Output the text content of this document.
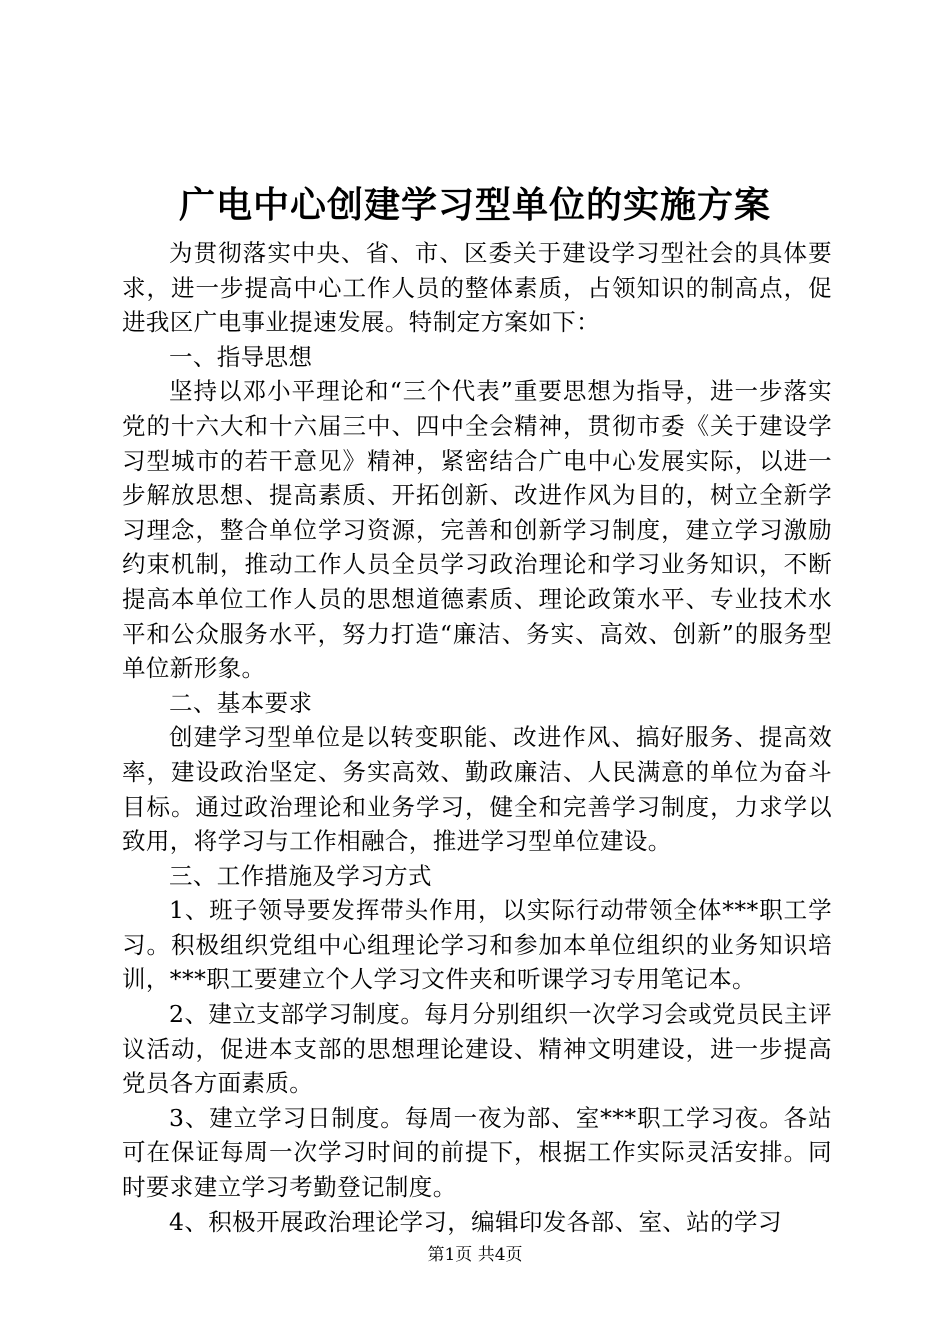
广电中心创建学习型单位的实施方案

为贯彻落实中央、省、市、区委关于建设学习型社会的具体要求，进一步提高中心工作人员的整体素质，占领知识的制高点，促进我区广电事业提速发展。特制定方案如下：

一、指导思想

坚持以邓小平理论和“三个代表”重要思想为指导，进一步落实党的十六大和十六届三中、四中全会精神，贯彻市委《关于建设学习型城市的若干意见》精神，紧密结合广电中心发展实际，以进一步解放思想、提高素质、开拓创新、改进作风为目的，树立全新学习理念，整合单位学习资源，完善和创新学习制度，建立学习激励约束机制，推动工作人员全员学习政治理论和学习业务知识，不断提高本单位工作人员的思想道德素质、理论政策水平、专业技术水平和公众服务水平，努力打造“廉洁、务实、高效、创新”的服务型单位新形象。

二、基本要求

创建学习型单位是以转变职能、改进作风、搞好服务、提高效率，建设政治坚定、务实高效、勤政廉洁、人民满意的单位为奋斗目标。通过政治理论和业务学习，健全和完善学习制度，力求学以致用，将学习与工作相融合，推进学习型单位建设。

三、工作措施及学习方式

1、班子领导要发挥带头作用，以实际行动带领全体***职工学习。积极组织党组中心组理论学习和参加本单位组织的业务知识培训，***职工要建立个人学习文件夹和听课学习专用笔记本。

2、建立支部学习制度。每月分别组织一次学习会或党员民主评议活动，促进本支部的思想理论建设、精神文明建设，进一步提高党员各方面素质。

3、建立学习日制度。每周一夜为部、室***职工学习夜。各站可在保证每周一次学习时间的前提下，根据工作实际灵活安排。同时要求建立学习考勤登记制度。

4、积极开展政治理论学习，编辑印发各部、室、站的学习

第1页 共4页
